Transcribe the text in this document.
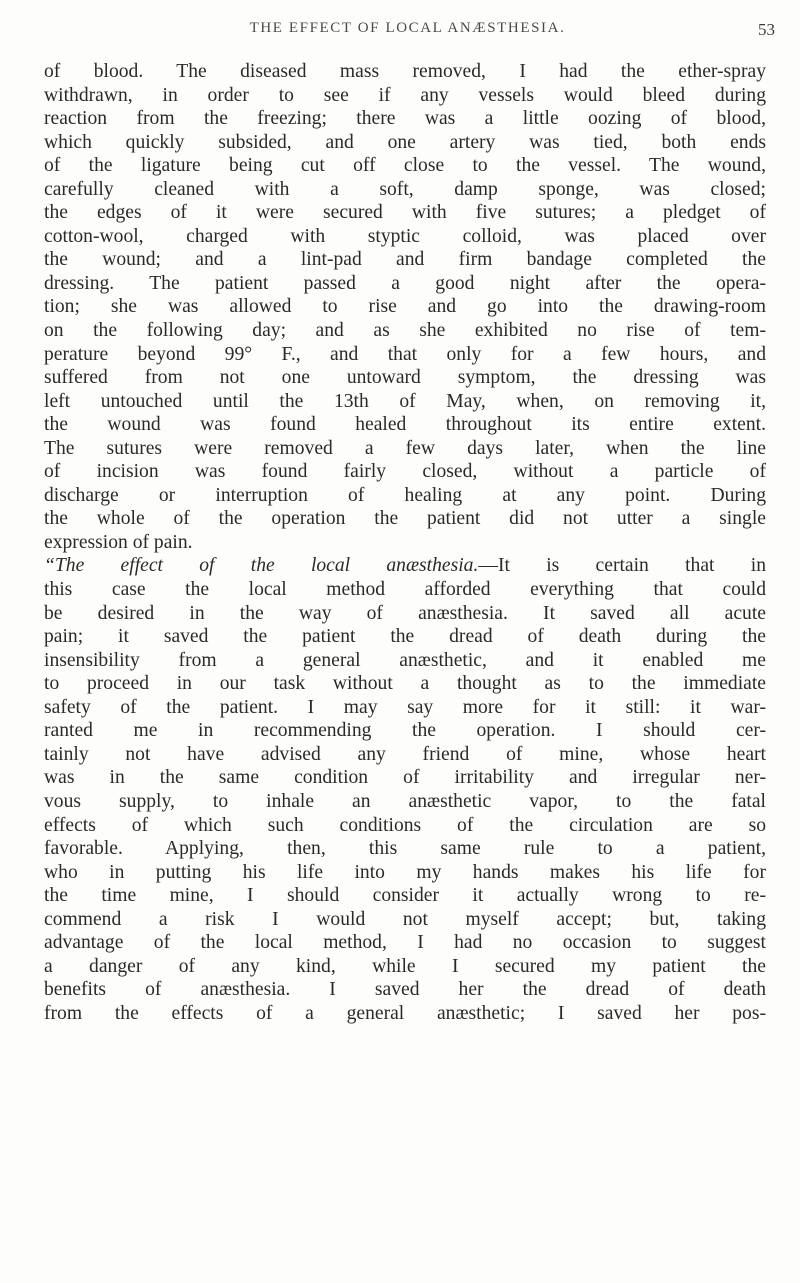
THE EFFECT OF LOCAL ANÆSTHESIA.	53
of blood. The diseased mass removed, I had the ether-spray
withdrawn, in order to see if any vessels would bleed during
reaction from the freezing; there was a little oozing of blood,
which quickly subsided, and one artery was tied, both ends
of the ligature being cut off close to the vessel. The wound,
carefully cleaned with a soft, damp sponge, was closed;
the edges of it were secured with five sutures; a pledget of
cotton-wool, charged with styptic colloid, was placed over
the wound; and a lint-pad and firm bandage completed the
dressing. The patient passed a good night after the opera-
tion; she was allowed to rise and go into the drawing-room
on the following day; and as she exhibited no rise of tem-
perature beyond 99° F., and that only for a few hours, and
suffered from not one untoward symptom, the dressing was
left untouched until the 13th of May, when, on removing it,
the wound was found healed throughout its entire extent.
The sutures were removed a few days later, when the line
of incision was found fairly closed, without a particle of
discharge or interruption of healing at any point. During
the whole of the operation the patient did not utter a single
expression of pain.
“The effect of the local anæsthesia.—It is certain that in
this case the local method afforded everything that could
be desired in the way of anæsthesia. It saved all acute
pain; it saved the patient the dread of death during the
insensibility from a general anæsthetic, and it enabled me
to proceed in our task without a thought as to the immediate
safety of the patient. I may say more for it still: it war-
ranted me in recommending the operation. I should cer-
tainly not have advised any friend of mine, whose heart
was in the same condition of irritability and irregular ner-
vous supply, to inhale an anæsthetic vapor, to the fatal
effects of which such conditions of the circulation are so
favorable. Applying, then, this same rule to a patient,
who in putting his life into my hands makes his life for
the time mine, I should consider it actually wrong to re-
commend a risk I would not myself accept; but, taking
advantage of the local method, I had no occasion to suggest
a danger of any kind, while I secured my patient the
benefits of anæsthesia. I saved her the dread of death
from the effects of a general anæsthetic; I saved her pos-
